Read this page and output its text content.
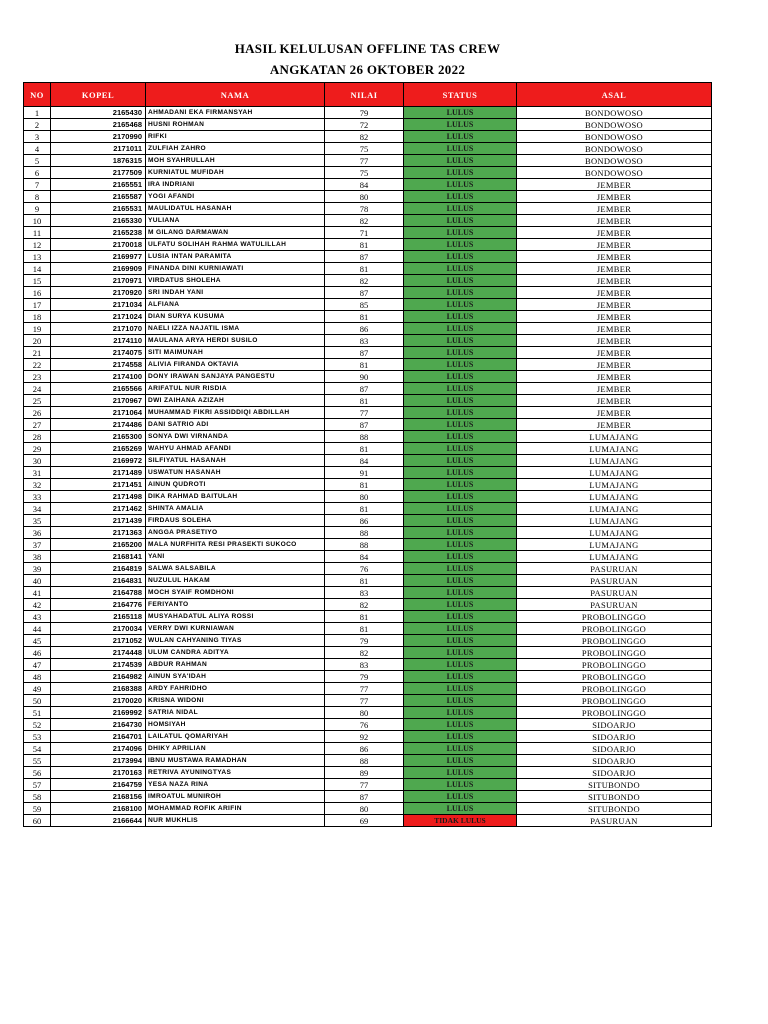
HASIL KELULUSAN OFFLINE TAS CREW
ANGKATAN 26 OKTOBER 2022
NO	KOPEL	NAMA	NILAI	STATUS	ASAL
1	2165430	AHMADANI EKA FIRMANSYAH	79	LULUS	BONDOWOSO
2	2165468	HUSNI ROHMAN	72	LULUS	BONDOWOSO
3	2170990	RIFKI	82	LULUS	BONDOWOSO
4	2171011	ZULFIAH ZAHRO	75	LULUS	BONDOWOSO
5	1876315	MOH SYAHRULLAH	77	LULUS	BONDOWOSO
6	2177509	KURNIATUL MUFIDAH	75	LULUS	BONDOWOSO
7	2165551	IRA INDRIANI	84	LULUS	JEMBER
8	2165587	YOGI AFANDI	80	LULUS	JEMBER
9	2165531	MAULIDATUL HASANAH	78	LULUS	JEMBER
10	2165330	YULIANA	82	LULUS	JEMBER
11	2165238	M GILANG DARMAWAN	71	LULUS	JEMBER
12	2170018	ULFATU SOLIHAH RAHMA WATULILLAH	81	LULUS	JEMBER
13	2169977	LUSIA INTAN PARAMITA	87	LULUS	JEMBER
14	2169909	FINANDA DINI KURNIAWATI	81	LULUS	JEMBER
15	2170971	VIRDATUS SHOLEHA	82	LULUS	JEMBER
16	2170920	SRI INDAH YANI	87	LULUS	JEMBER
17	2171034	ALFIANA	85	LULUS	JEMBER
18	2171024	DIAN SURYA KUSUMA	81	LULUS	JEMBER
19	2171070	NAELI IZZA NAJATIL ISMA	86	LULUS	JEMBER
20	2174110	MAULANA ARYA HERDI SUSILO	83	LULUS	JEMBER
21	2174075	SITI MAIMUNAH	87	LULUS	JEMBER
22	2174558	ALIVIA FIRANDA OKTAVIA	81	LULUS	JEMBER
23	2174100	DONY IRAWAN SANJAYA PANGESTU	90	LULUS	JEMBER
24	2165566	ARIFATUL NUR RISDIA	87	LULUS	JEMBER
25	2170967	DWI ZAIHANA AZIZAH	81	LULUS	JEMBER
26	2171064	MUHAMMAD FIKRI ASSIDDIQI ABDILLAH	77	LULUS	JEMBER
27	2174486	DANI SATRIO ADI	87	LULUS	JEMBER
28	2165300	SONYA DWI VIRNANDA	88	LULUS	LUMAJANG
29	2165269	WAHYU AHMAD AFANDI	81	LULUS	LUMAJANG
30	2169972	SILFIYATUL HASANAH	84	LULUS	LUMAJANG
31	2171489	USWATUN HASANAH	91	LULUS	LUMAJANG
32	2171451	AINUN QUDROTI	81	LULUS	LUMAJANG
33	2171498	DIKA RAHMAD BAITULAH	80	LULUS	LUMAJANG
34	2171462	SHINTA AMALIA	81	LULUS	LUMAJANG
35	2171439	FIRDAUS SOLEHA	86	LULUS	LUMAJANG
36	2171363	ANGGA PRASETIYO	88	LULUS	LUMAJANG
37	2165200	MALA NURFHITA RESI PRASEKTI SUKOCO	88	LULUS	LUMAJANG
38	2168141	YANI	84	LULUS	LUMAJANG
39	2164819	SALWA SALSABILA	76	LULUS	PASURUAN
40	2164831	NUZULUL HAKAM	81	LULUS	PASURUAN
41	2164788	MOCH SYAIF ROMDHONI	83	LULUS	PASURUAN
42	2164776	FERIYANTO	82	LULUS	PASURUAN
43	2165118	MUSYAHADATUL ALIYA ROSSI	81	LULUS	PROBOLINGGO
44	2170034	VERRY DWI KURNIAWAN	81	LULUS	PROBOLINGGO
45	2171052	WULAN CAHYANING TIYAS	79	LULUS	PROBOLINGGO
46	2174448	ULUM CANDRA ADITYA	82	LULUS	PROBOLINGGO
47	2174539	ABDUR RAHMAN	83	LULUS	PROBOLINGGO
48	2164982	AINUN SYA'IDAH	79	LULUS	PROBOLINGGO
49	2168388	ARDY FAHRIDHO	77	LULUS	PROBOLINGGO
50	2170020	KRISNA WIDONI	77	LULUS	PROBOLINGGO
51	2169992	SATRIA NIDAL	80	LULUS	PROBOLINGGO
52	2164730	HOMSIYAH	76	LULUS	SIDOARJO
53	2164701	LAILATUL QOMARIYAH	92	LULUS	SIDOARJO
54	2174096	DHIKY APRILIAN	86	LULUS	SIDOARJO
55	2173994	IBNU MUSTAWA RAMADHAN	88	LULUS	SIDOARJO
56	2170163	RETRIVA AYUNINGTYAS	89	LULUS	SIDOARJO
57	2164759	YESA NAZA RINA	77	LULUS	SITUBONDO
58	2168156	IMROATUL MUNIROH	87	LULUS	SITUBONDO
59	2168100	MOHAMMAD ROFIK ARIFIN	80	LULUS	SITUBONDO
60	2166644	NUR MUKHLIS	69	TIDAK LULUS	PASURUAN
